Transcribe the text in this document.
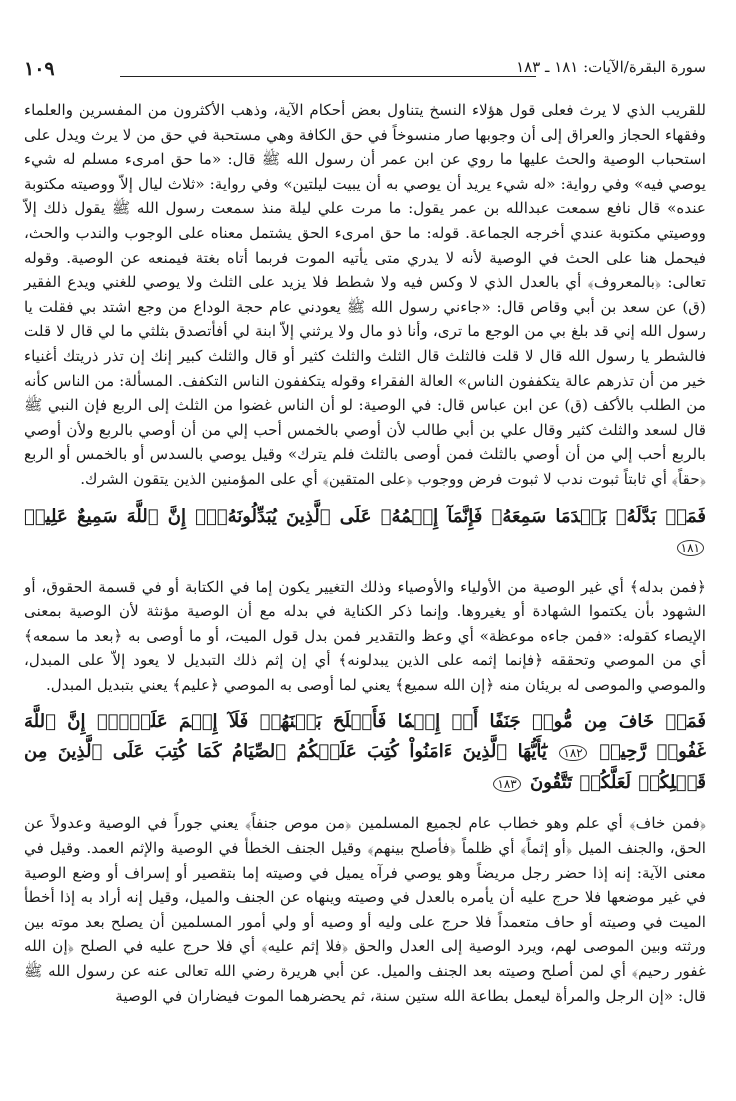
١٠٩	سورة البقرة/الآيات: ١٨١ ـ ١٨٣

للقريب الذي لا يرث فعلى قول هؤلاء النسخ يتناول بعض أحكام الآية، وذهب الأكثرون من المفسرين والعلماء وفقهاء الحجاز والعراق إلى أن وجوبها صار منسوخاً في حق الكافة وهي مستحبة في حق من لا يرث ويدل على استحباب الوصية والحث عليها ما روي عن ابن عمر أن رسول الله ﷺ قال: «ما حق امرىء مسلم له شيء يوصي فيه» وفي رواية: «له شيء يريد أن يوصي به أن يبيت ليلتين» وفي رواية: «ثلاث ليال إلاّ ووصيته مكتوبة عنده» قال نافع سمعت عبدالله بن عمر يقول: ما مرت علي ليلة منذ سمعت رسول الله ﷺ يقول ذلك إلاّ ووصيتي مكتوبة عندي أخرجه الجماعة. قوله: ما حق امرىء الحق يشتمل معناه على الوجوب والندب والحث، فيحمل هنا على الحث في الوصية لأنه لا يدري متى يأتيه الموت فربما أتاه بغتة فيمنعه عن الوصية. وقوله تعالى: ﴿بالمعروف﴾ أي بالعدل الذي لا وكس فيه ولا شطط فلا يزيد على الثلث ولا يوصي للغني ويدع الفقير (ق) عن سعد بن أبي وقاص قال: «جاءني رسول الله ﷺ يعودني عام حجة الوداع من وجع اشتد بي فقلت يا رسول الله إني قد بلغ بي من الوجع ما ترى، وأنا ذو مال ولا يرثني إلاّ ابنة لي أفأتصدق بثلثي ما لي قال لا قلت فالشطر يا رسول الله قال لا قلت فالثلث قال الثلث والثلث كثير أو قال والثلث كبير إنك إن تذر ذريتك أغنياء خير من أن تذرهم عالة يتكففون الناس» العالة الفقراء وقوله يتكففون الناس التكفف. المسألة: من الناس كأنه من الطلب بالأكف (ق) عن ابن عباس قال: في الوصية: لو أن الناس غضوا من الثلث إلى الربع فإن النبي ﷺ قال لسعد والثلث كثير وقال علي بن أبي طالب لأن أوصي بالخمس أحب إلي من أن أوصي بالربع ولأن أوصي بالربع أحب إلي من أن أوصي بالثلث فمن أوصى بالثلث فلم يترك» وقيل يوصي بالسدس أو بالخمس أو الربع ﴿حقاً﴾ أي ثابتاً ثبوت ندب لا ثبوت فرض ووجوب ﴿على المتقين﴾ أي على المؤمنين الذين يتقون الشرك.

فَمَنۢ بَدَّلَهُۥ بَعۡدَمَا سَمِعَهُۥ فَإِنَّمَآ إِثۡمُهُۥ عَلَى ٱلَّذِينَ يُبَدِّلُونَهُۥٓۚ إِنَّ ٱللَّهَ سَمِيعٌ عَلِيمٞ ١٨١

﴿فمن بدله﴾ أي غير الوصية من الأولياء والأوصياء وذلك التغيير يكون إما في الكتابة أو في قسمة الحقوق، أو الشهود بأن يكتموا الشهادة أو يغيروها. وإنما ذكر الكناية في بدله مع أن الوصية مؤنثة لأن الوصية بمعنى الإيصاء كقوله: «فمن جاءه موعظة» أي وعظ والتقدير فمن بدل قول الميت، أو ما أوصى به ﴿بعد ما سمعه﴾ أي من الموصي وتحققه ﴿فإنما إثمه على الذين يبدلونه﴾ أي إن إثم ذلك التبديل لا يعود إلاّ على المبدل، والموصي والموصى له بريئان منه ﴿إن الله سميع﴾ يعني لما أوصى به الموصي ﴿عليم﴾ يعني بتبديل المبدل.

فَمَنۡ خَافَ مِن مُّوصٖ جَنَفًا أَوۡ إِثۡمٗا فَأَصۡلَحَ بَيۡنَهُمۡ فَلَآ إِثۡمَ عَلَيۡهِۚ إِنَّ ٱللَّهَ غَفُورٞ رَّحِيمٞ ١٨٢ يَٰٓأَيُّهَا ٱلَّذِينَ ءَامَنُواْ كُتِبَ عَلَيۡكُمُ ٱلصِّيَامُ كَمَا كُتِبَ عَلَى ٱلَّذِينَ مِن قَبۡلِكُمۡ لَعَلَّكُمۡ تَتَّقُونَ ١٨٣

﴿فمن خاف﴾ أي علم وهو خطاب عام لجميع المسلمين ﴿من موص جنفاً﴾ يعني جوراً في الوصية وعدولاً عن الحق، والجنف الميل ﴿أو إثماً﴾ أي ظلماً ﴿فأصلح بينهم﴾ وقيل الجنف الخطأ في الوصية والإثم العمد. وقيل في معنى الآية: إنه إذا حضر رجل مريضاً وهو يوصي فرآه يميل في وصيته إما بتقصير أو إسراف أو وضع الوصية في غير موضعها فلا حرج عليه أن يأمره بالعدل في وصيته وينهاه عن الجنف والميل، وقيل إنه أراد به إذا أخطأ الميت في وصيته أو حاف متعمداً فلا حرج على وليه أو وصيه أو ولي أمور المسلمين أن يصلح بعد موته بين ورثته وبين الموصى لهم، ويرد الوصية إلى العدل والحق ﴿فلا إثم عليه﴾ أي فلا حرج عليه في الصلح ﴿إن الله غفور رحيم﴾ أي لمن أصلح وصيته بعد الجنف والميل. عن أبي هريرة رضي الله تعالى عنه عن رسول الله ﷺ قال: «إن الرجل والمرأة ليعمل بطاعة الله ستين سنة، ثم يحضرهما الموت فيضاران في الوصية
